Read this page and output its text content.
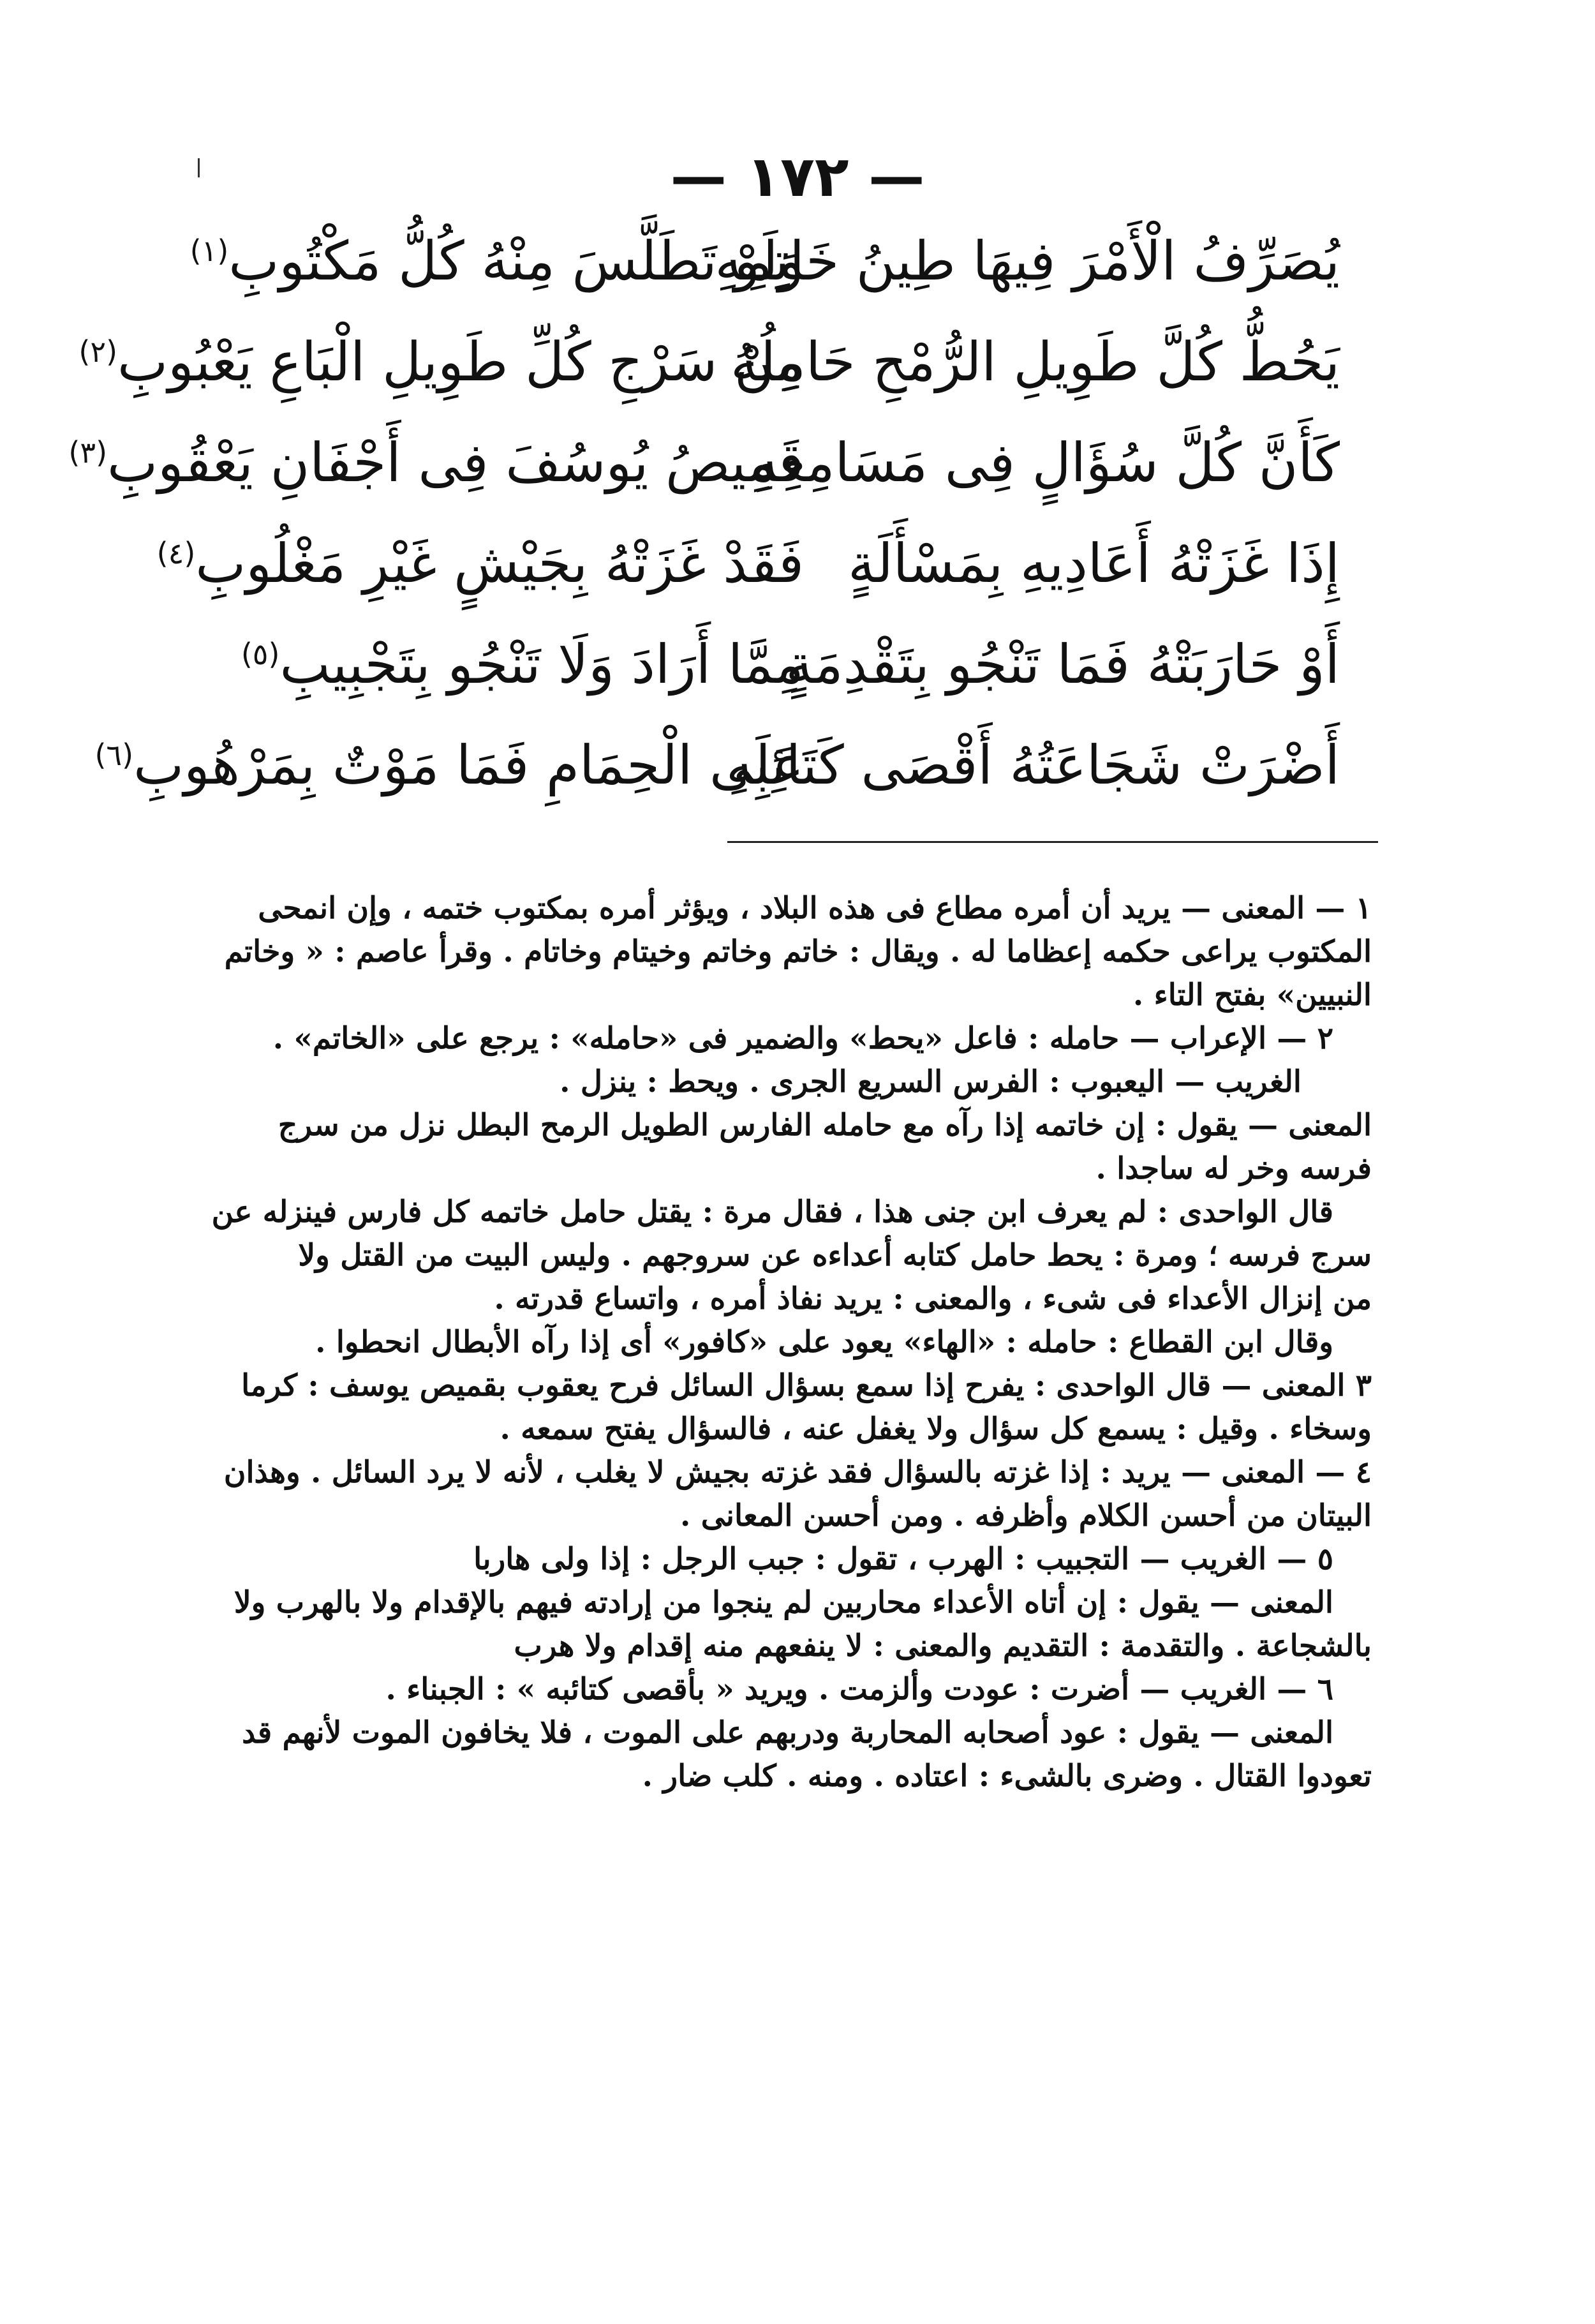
— ١٧٢ —
يُصَرِّفُ الْأَمْرَ فِيهَا طِينُ خَاتِمِهِ
وَلَوْ تَطَلَّسَ مِنْهُ كُلُّ مَكْتُوبِ$^{(١)}$
يَحُطُّ كُلَّ طَوِيلِ الرُّمْحِ حَامِلُهُ
مِنْ سَرْجِ كُلِّ طَوِيلِ الْبَاعِ يَعْبُوبِ$^{(٢)}$
كَأَنَّ كُلَّ سُؤَالٍ فِى مَسَامِعِهِ
قَمِيصُ يُوسُفَ فِى أَجْفَانِ يَعْقُوبِ$^{(٣)}$
إِذَا غَزَتْهُ أَعَادِيهِ بِمَسْأَلَةٍ
فَقَدْ غَزَتْهُ بِجَيْشٍ غَيْرِ مَغْلُوبِ$^{(٤)}$
أَوْ حَارَبَتْهُ فَمَا تَنْجُو بِتَقْدِمَةٍ
مِمَّا أَرَادَ وَلَا تَنْجُو بِتَجْبِيبِ$^{(٥)}$
أَضْرَتْ شَجَاعَتُهُ أَقْصَى كَتَائِبِهِ
عَلَى الْحِمَامِ فَمَا مَوْتٌ بِمَرْهُوبِ$^{(٦)}$
١ — المعنى — يريد أن أمره مطاع فى هذه البلاد ، ويؤثر أمره بمكتوب ختمه ، وإن انمحى
المكتوب يراعى حكمه إعظاما له . ويقال : خاتم وخاتم وخيتام وخاتام . وقرأ عاصم : « وخاتم
النبيين» بفتح التاء .
٢ — الإعراب — حامله : فاعل «يحط» والضمير فى «حامله» : يرجع على «الخاتم» .
الغريب — اليعبوب : الفرس السريع الجرى . ويحط : ينزل .
المعنى — يقول : إن خاتمه إذا رآه مع حامله الفارس الطويل الرمح البطل نزل من سرج
فرسه وخر له ساجدا .
قال الواحدى : لم يعرف ابن جنى هذا ، فقال مرة : يقتل حامل خاتمه كل فارس فينزله عن
سرج فرسه ؛ ومرة : يحط حامل كتابه أعداءه عن سروجهم . وليس البيت من القتل ولا
من إنزال الأعداء فى شىء ، والمعنى : يريد نفاذ أمره ، واتساع قدرته .
وقال ابن القطاع : حامله : «الهاء» يعود على «كافور» أى إذا رآه الأبطال انحطوا .
٣ المعنى — قال الواحدى : يفرح إذا سمع بسؤال السائل فرح يعقوب بقميص يوسف : كرما
وسخاء . وقيل : يسمع كل سؤال ولا يغفل عنه ، فالسؤال يفتح سمعه .
٤ — المعنى — يريد : إذا غزته بالسؤال فقد غزته بجيش لا يغلب ، لأنه لا يرد السائل . وهذان
البيتان من أحسن الكلام وأظرفه . ومن أحسن المعانى .
٥ — الغريب — التجبيب : الهرب ، تقول : جبب الرجل : إذا ولى هاربا
المعنى — يقول : إن أتاه الأعداء محاربين لم ينجوا من إرادته فيهم بالإقدام ولا بالهرب ولا
بالشجاعة . والتقدمة : التقديم والمعنى : لا ينفعهم منه إقدام ولا هرب
٦ — الغريب — أضرت : عودت وألزمت . ويريد « بأقصى كتائبه » : الجبناء .
المعنى — يقول : عود أصحابه المحاربة ودربهم على الموت ، فلا يخافون الموت لأنهم قد
تعودوا القتال . وضرى بالشىء : اعتاده . ومنه . كلب ضار .
